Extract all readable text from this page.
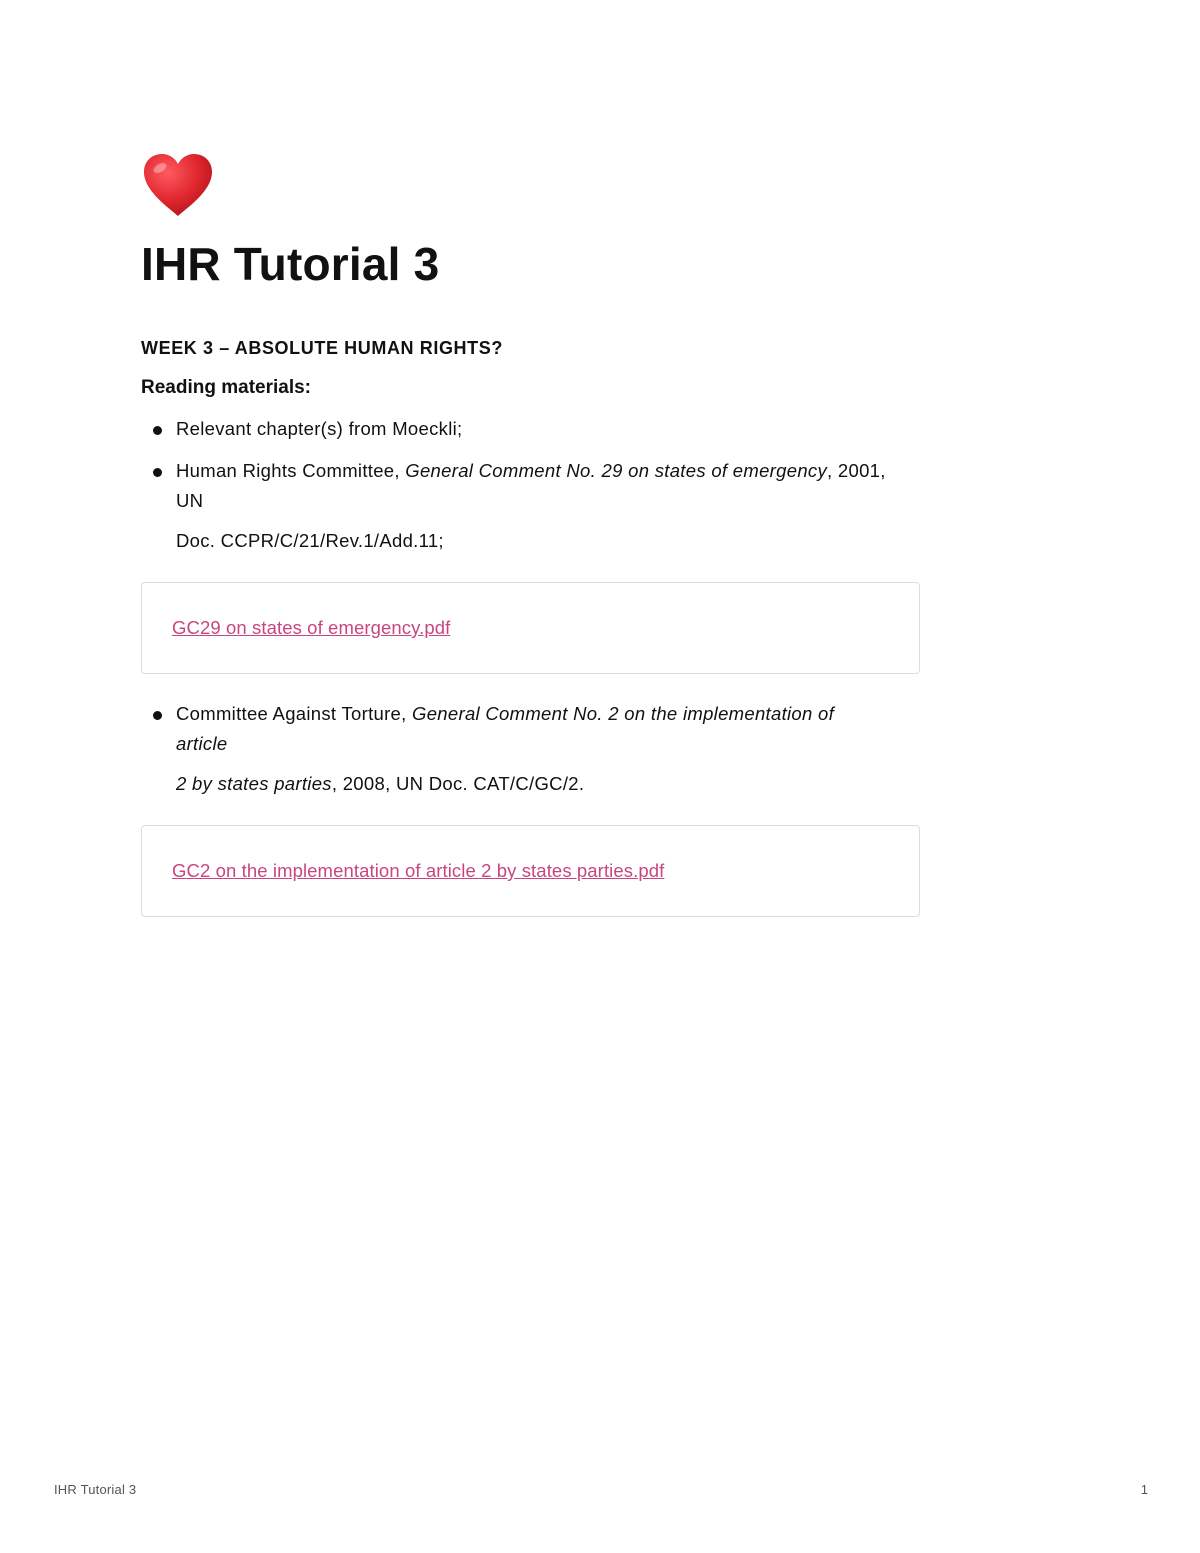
IHR Tutorial 3
WEEK 3 – ABSOLUTE HUMAN RIGHTS?
Reading materials:
Relevant chapter(s) from Moeckli;
Human Rights Committee, General Comment No. 29 on states of emergency, 2001,
UN
Doc. CCPR/C/21/Rev.1/Add.11;
GC29 on states of emergency.pdf
Committee Against Torture, General Comment No. 2 on the implementation of
article
2 by states parties, 2008, UN Doc. CAT/C/GC/2.
GC2 on the implementation of article 2 by states parties.pdf
IHR Tutorial 3	1
